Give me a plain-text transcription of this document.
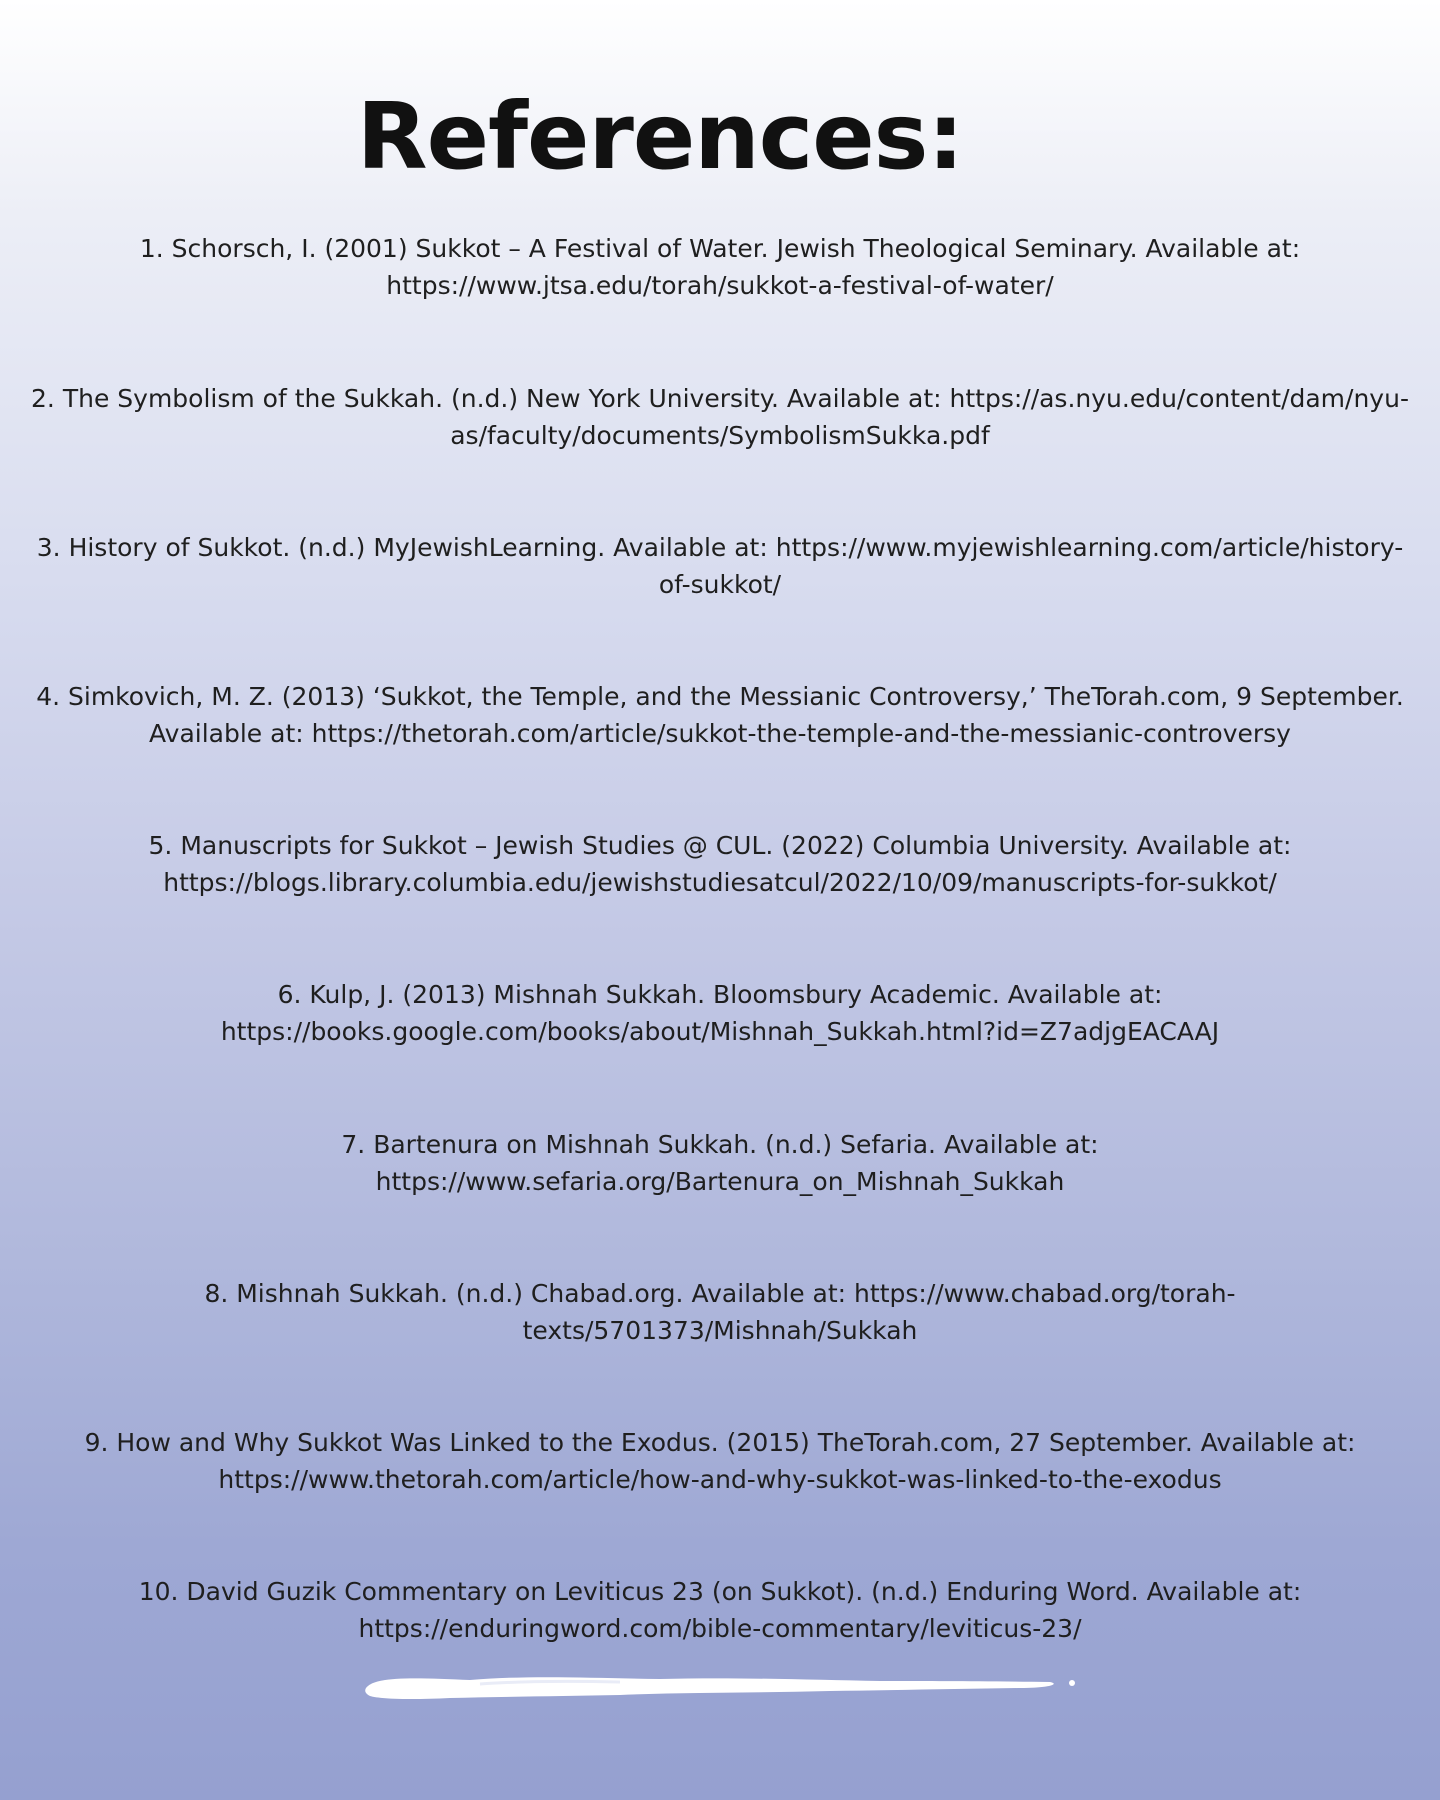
References:
1. Schorsch, I. (2001) Sukkot – A Festival of Water. Jewish Theological Seminary. Available at:
https://www.jtsa.edu/torah/sukkot-a-festival-of-water/
2. The Symbolism of the Sukkah. (n.d.) New York University. Available at: https://as.nyu.edu/content/dam/nyu-
as/faculty/documents/SymbolismSukka.pdf
3. History of Sukkot. (n.d.) MyJewishLearning. Available at: https://www.myjewishlearning.com/article/history-
of-sukkot/
4. Simkovich, M. Z. (2013) ‘Sukkot, the Temple, and the Messianic Controversy,’ TheTorah.com, 9 September.
Available at: https://thetorah.com/article/sukkot-the-temple-and-the-messianic-controversy
5. Manuscripts for Sukkot – Jewish Studies @ CUL. (2022) Columbia University. Available at:
https://blogs.library.columbia.edu/jewishstudiesatcul/2022/10/09/manuscripts-for-sukkot/
6. Kulp, J. (2013) Mishnah Sukkah. Bloomsbury Academic. Available at:
https://books.google.com/books/about/Mishnah_Sukkah.html?id=Z7adjgEACAAJ
7. Bartenura on Mishnah Sukkah. (n.d.) Sefaria. Available at:
https://www.sefaria.org/Bartenura_on_Mishnah_Sukkah
8. Mishnah Sukkah. (n.d.) Chabad.org. Available at: https://www.chabad.org/torah-
texts/5701373/Mishnah/Sukkah
9. How and Why Sukkot Was Linked to the Exodus. (2015) TheTorah.com, 27 September. Available at:
https://www.thetorah.com/article/how-and-why-sukkot-was-linked-to-the-exodus
10. David Guzik Commentary on Leviticus 23 (on Sukkot). (n.d.) Enduring Word. Available at:
https://enduringword.com/bible-commentary/leviticus-23/
